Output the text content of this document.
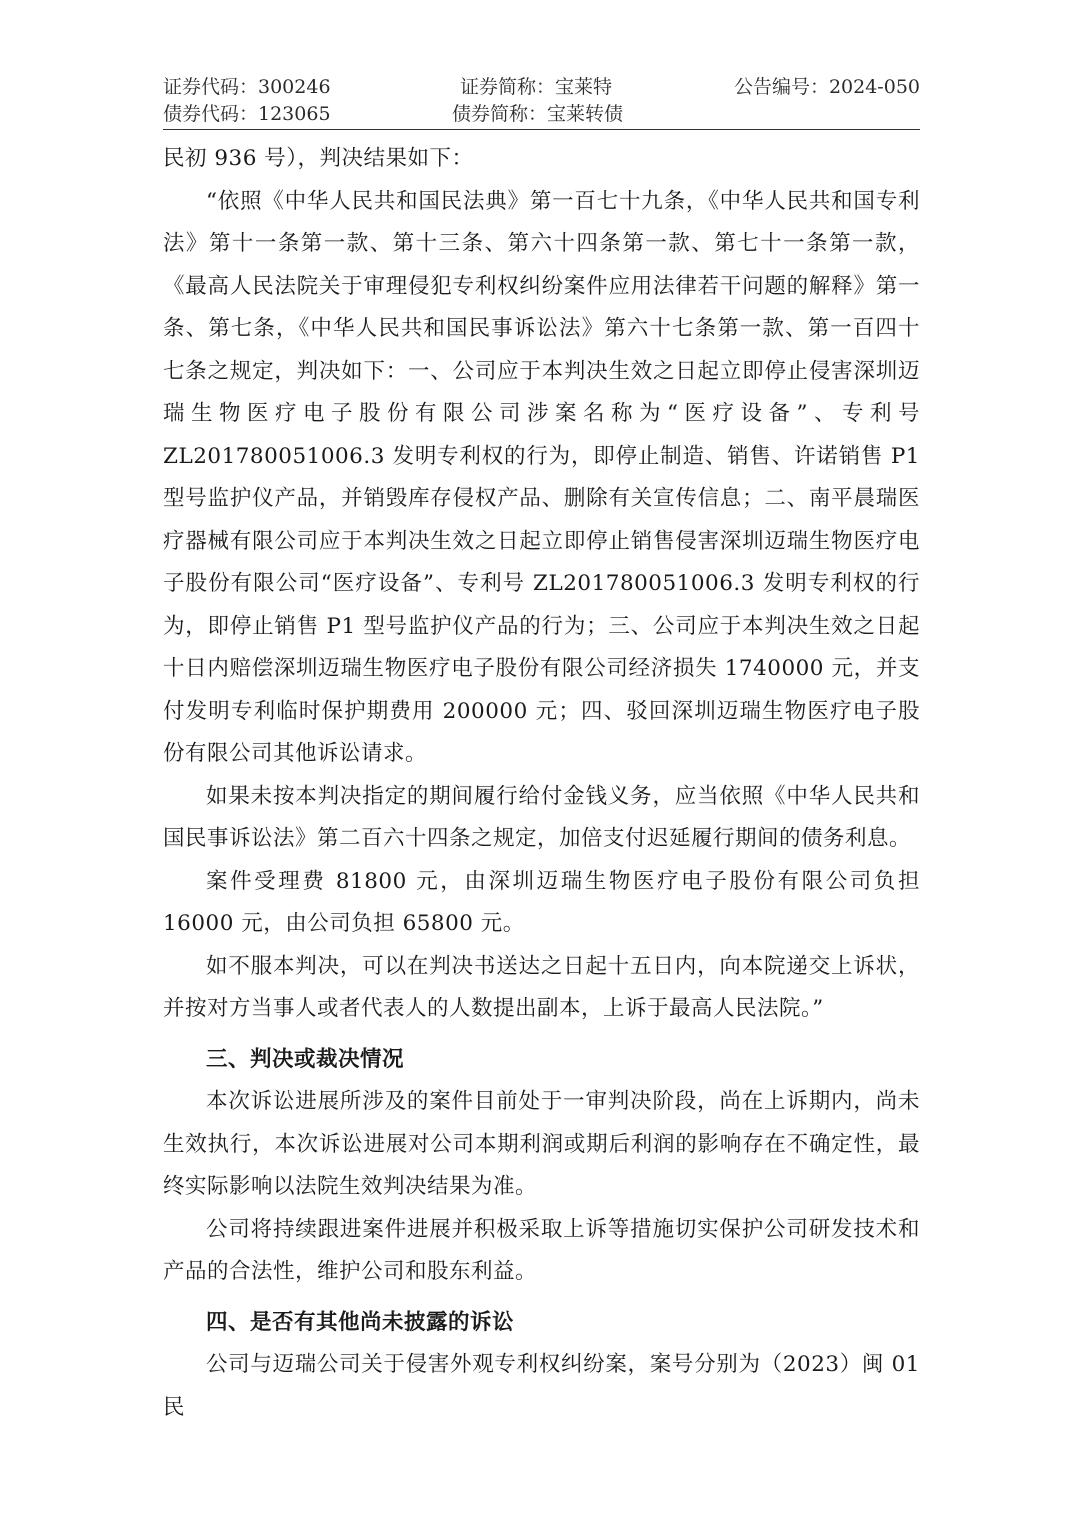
证券代码：300246	证券简称：宝莱特	公告编号：2024-050
债券代码：123065	债券简称：宝莱转债

民初 936 号），判决结果如下：

“依照《中华人民共和国民法典》第一百七十九条，《中华人民共和国专利法》第十一条第一款、第十三条、第六十四条第一款、第七十一条第一款，《最高人民法院关于审理侵犯专利权纠纷案件应用法律若干问题的解释》第一条、第七条，《中华人民共和国民事诉讼法》第六十七条第一款、第一百四十七条之规定，判决如下：一、公司应于本判决生效之日起立即停止侵害深圳迈瑞生物医疗电子股份有限公司涉案名称为“医疗设备”、专利号 ZL201780051006.3 发明专利权的行为，即停止制造、销售、许诺销售 P1 型号监护仪产品，并销毁库存侵权产品、删除有关宣传信息；二、南平晨瑞医疗器械有限公司应于本判决生效之日起立即停止销售侵害深圳迈瑞生物医疗电子股份有限公司“医疗设备”、专利号 ZL201780051006.3 发明专利权的行为，即停止销售 P1 型号监护仪产品的行为；三、公司应于本判决生效之日起十日内赔偿深圳迈瑞生物医疗电子股份有限公司经济损失 1740000 元，并支付发明专利临时保护期费用 200000 元；四、驳回深圳迈瑞生物医疗电子股份有限公司其他诉讼请求。

如果未按本判决指定的期间履行给付金钱义务，应当依照《中华人民共和国民事诉讼法》第二百六十四条之规定，加倍支付迟延履行期间的债务利息。

案件受理费 81800 元，由深圳迈瑞生物医疗电子股份有限公司负担 16000 元，由公司负担 65800 元。

如不服本判决，可以在判决书送达之日起十五日内，向本院递交上诉状，并按对方当事人或者代表人的人数提出副本，上诉于最高人民法院。”

三、判决或裁决情况

本次诉讼进展所涉及的案件目前处于一审判决阶段，尚在上诉期内，尚未生效执行，本次诉讼进展对公司本期利润或期后利润的影响存在不确定性，最终实际影响以法院生效判决结果为准。

公司将持续跟进案件进展并积极采取上诉等措施切实保护公司研发技术和产品的合法性，维护公司和股东利益。

四、是否有其他尚未披露的诉讼

公司与迈瑞公司关于侵害外观专利权纠纷案，案号分别为（2023）闽 01 民
